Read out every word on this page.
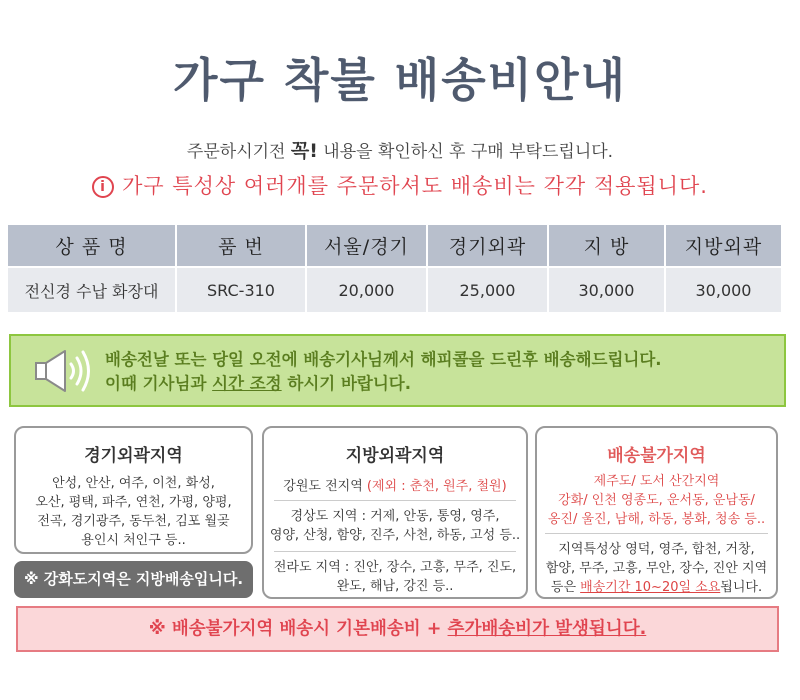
가구 착불 배송비안내
주문하시기전 꼭! 내용을 확인하신 후 구매 부탁드립니다.
i 가구 특성상 여러개를 주문하셔도 배송비는 각각 적용됩니다.
상 품 명	품 번	서울/경기	경기외곽	지 방	지방외곽
전신경 수납 화장대	SRC-310	20,000	25,000	30,000	30,000
배송전날 또는 당일 오전에 배송기사님께서 해피콜을 드린후 배송해드립니다.
이때 기사님과 시간 조정 하시기 바랍니다.
경기외곽지역

안성, 안산, 여주, 이천, 화성,
오산, 평택, 파주, 연천, 가평, 양평,
전곡, 경기광주, 동두천, 김포 월곶
용인시 처인구 등..

※ 강화도지역은 지방배송입니다.
지방외곽지역
강원도 전지역 (제외 : 춘천, 원주, 철원)
경상도 지역 : 거제, 안동, 통영, 영주,
영양, 산청, 함양, 진주, 사천, 하동, 고성 등..
전라도 지역 : 진안, 장수, 고흥, 무주, 진도,
완도, 해남, 강진 등..
배송불가지역
제주도/ 도서 산간지역
강화/ 인천 영종도, 운서동, 운남동/
옹진/ 울진, 남해, 하동, 봉화, 청송 등..
지역특성상 영덕, 영주, 합천, 거창,
함양, 무주, 고흥, 무안, 장수, 진안 지역
등은 배송기간 10~20일 소요됩니다.
※ 배송불가지역 배송시 기본배송비 + 추가배송비가 발생됩니다.
